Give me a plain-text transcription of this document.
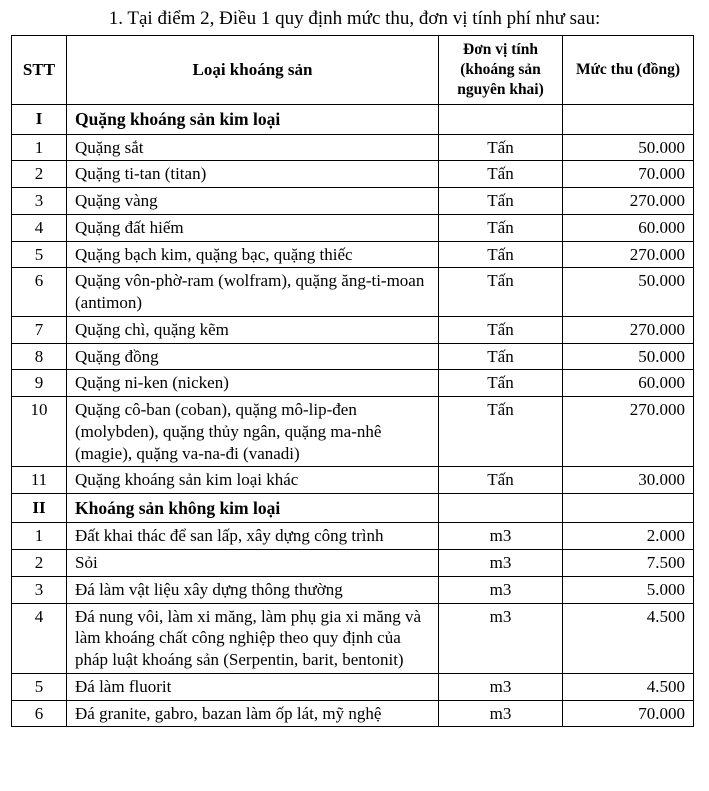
1. Tại điểm 2, Điều 1 quy định mức thu, đơn vị tính phí như sau:
STT	Loại khoáng sản	Đơn vị tính (khoáng sản nguyên khai)	Mức thu (đồng)
I	Quặng khoáng sản kim loại		
1	Quặng sắt	Tấn	50.000
2	Quặng ti-tan (titan)	Tấn	70.000
3	Quặng vàng	Tấn	270.000
4	Quặng đất hiếm	Tấn	60.000
5	Quặng bạch kim, quặng bạc, quặng thiếc	Tấn	270.000
6	Quặng vôn-phờ-ram (wolfram), quặng ăng-ti-moan (antimon)	Tấn	50.000
7	Quặng chì, quặng kẽm	Tấn	270.000
8	Quặng đồng	Tấn	50.000
9	Quặng ni-ken (nicken)	Tấn	60.000
10	Quặng cô-ban (coban), quặng mô-lip-đen (molybden), quặng thủy ngân, quặng ma-nhê (magie), quặng va-na-đi (vanadi)	Tấn	270.000
11	Quặng khoáng sản kim loại khác	Tấn	30.000
II	Khoáng sản không kim loại		
1	Đất khai thác để san lấp, xây dựng công trình	m3	2.000
2	Sỏi	m3	7.500
3	Đá làm vật liệu xây dựng thông thường	m3	5.000
4	Đá nung vôi, làm xi măng, làm phụ gia xi măng và làm khoáng chất công nghiệp theo quy định của pháp luật khoáng sản (Serpentin, barit, bentonit)	m3	4.500
5	Đá làm fluorit	m3	4.500
6	Đá granite, gabro, bazan làm ốp lát, mỹ nghệ	m3	70.000
